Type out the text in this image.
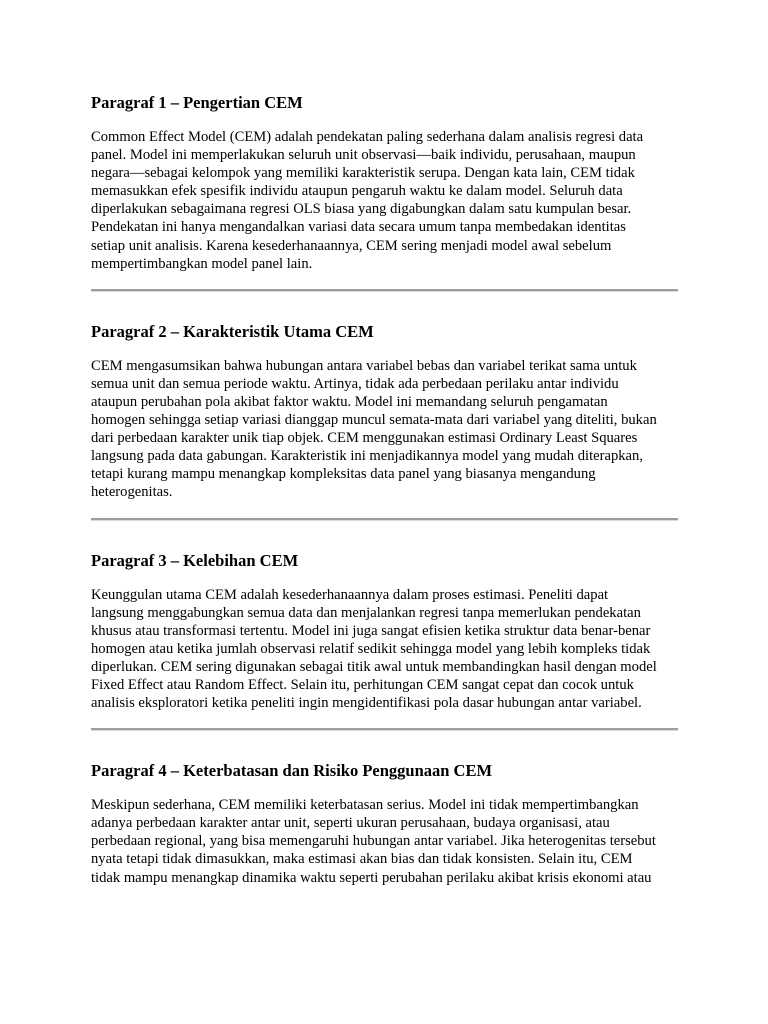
Paragraf 1 – Pengertian CEM

Common Effect Model (CEM) adalah pendekatan paling sederhana dalam analisis regresi data
panel. Model ini memperlakukan seluruh unit observasi—baik individu, perusahaan, maupun
negara—sebagai kelompok yang memiliki karakteristik serupa. Dengan kata lain, CEM tidak
memasukkan efek spesifik individu ataupun pengaruh waktu ke dalam model. Seluruh data
diperlakukan sebagaimana regresi OLS biasa yang digabungkan dalam satu kumpulan besar.
Pendekatan ini hanya mengandalkan variasi data secara umum tanpa membedakan identitas
setiap unit analisis. Karena kesederhanaannya, CEM sering menjadi model awal sebelum
mempertimbangkan model panel lain.

Paragraf 2 – Karakteristik Utama CEM

CEM mengasumsikan bahwa hubungan antara variabel bebas dan variabel terikat sama untuk
semua unit dan semua periode waktu. Artinya, tidak ada perbedaan perilaku antar individu
ataupun perubahan pola akibat faktor waktu. Model ini memandang seluruh pengamatan
homogen sehingga setiap variasi dianggap muncul semata-mata dari variabel yang diteliti, bukan
dari perbedaan karakter unik tiap objek. CEM menggunakan estimasi Ordinary Least Squares
langsung pada data gabungan. Karakteristik ini menjadikannya model yang mudah diterapkan,
tetapi kurang mampu menangkap kompleksitas data panel yang biasanya mengandung
heterogenitas.

Paragraf 3 – Kelebihan CEM

Keunggulan utama CEM adalah kesederhanaannya dalam proses estimasi. Peneliti dapat
langsung menggabungkan semua data dan menjalankan regresi tanpa memerlukan pendekatan
khusus atau transformasi tertentu. Model ini juga sangat efisien ketika struktur data benar-benar
homogen atau ketika jumlah observasi relatif sedikit sehingga model yang lebih kompleks tidak
diperlukan. CEM sering digunakan sebagai titik awal untuk membandingkan hasil dengan model
Fixed Effect atau Random Effect. Selain itu, perhitungan CEM sangat cepat dan cocok untuk
analisis eksploratori ketika peneliti ingin mengidentifikasi pola dasar hubungan antar variabel.

Paragraf 4 – Keterbatasan dan Risiko Penggunaan CEM

Meskipun sederhana, CEM memiliki keterbatasan serius. Model ini tidak mempertimbangkan
adanya perbedaan karakter antar unit, seperti ukuran perusahaan, budaya organisasi, atau
perbedaan regional, yang bisa memengaruhi hubungan antar variabel. Jika heterogenitas tersebut
nyata tetapi tidak dimasukkan, maka estimasi akan bias dan tidak konsisten. Selain itu, CEM
tidak mampu menangkap dinamika waktu seperti perubahan perilaku akibat krisis ekonomi atau
